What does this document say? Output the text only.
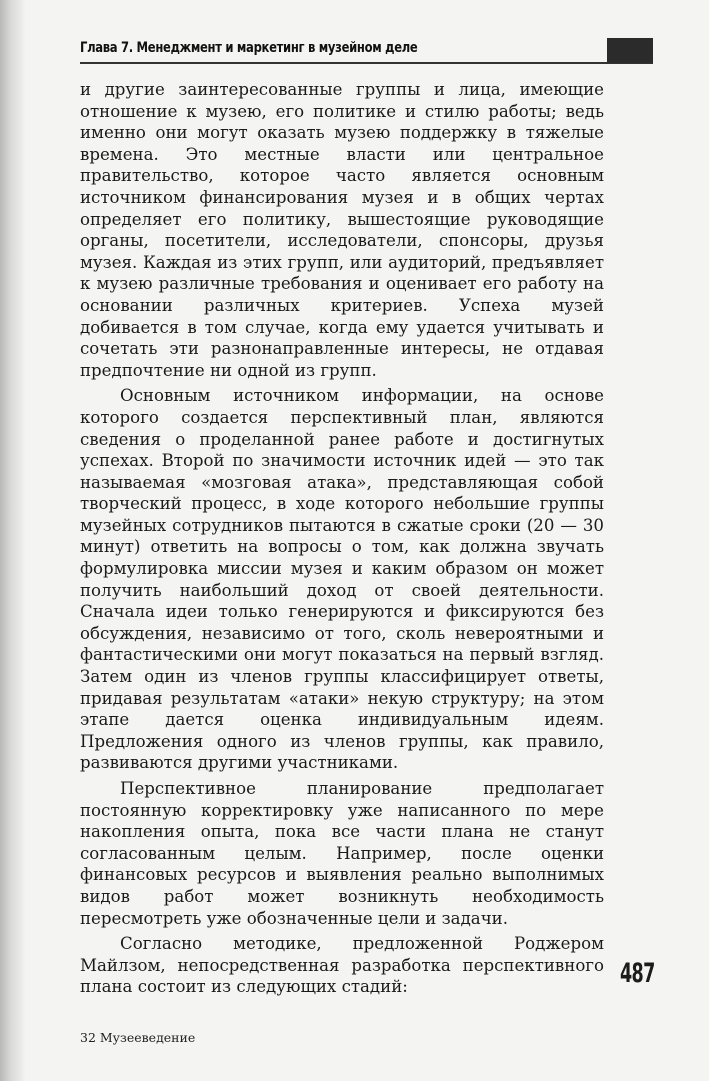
Глава 7. Менеджмент и маркетинг в музейном деле

и другие заинтересованные группы и лица, имеющие отношение к музею, его политике и стилю работы; ведь именно они могут оказать музею поддержку в тяжелые времена. Это местные власти или центральное правительство, которое часто является основным источником финансирования музея и в общих чертах определяет его политику, вышестоящие руководящие органы, посетители, исследователи, спонсоры, друзья музея. Каждая из этих групп, или аудиторий, предъявляет к музею различные требования и оценивает его работу на основании различных критериев. Успеха музей добивается в том случае, когда ему удается учитывать и сочетать эти разнонаправленные интересы, не отдавая предпочтение ни одной из групп.

Основным источником информации, на основе которого создается перспективный план, являются сведения о проделанной ранее работе и достигнутых успехах. Второй по значимости источник идей — это так называемая «мозговая атака», представляющая собой творческий процесс, в ходе которого небольшие группы музейных сотрудников пытаются в сжатые сроки (20 — 30 минут) ответить на вопросы о том, как должна звучать формулировка миссии музея и каким образом он может получить наибольший доход от своей деятельности. Сначала идеи только генерируются и фиксируются без обсуждения, независимо от того, сколь невероятными и фантастическими они могут показаться на первый взгляд. Затем один из членов группы классифицирует ответы, придавая результатам «атаки» некую структуру; на этом этапе дается оценка индивидуальным идеям. Предложения одного из членов группы, как правило, развиваются другими участниками.

Перспективное планирование предполагает постоянную корректировку уже написанного по мере накопления опыта, пока все части плана не станут согласованным целым. Например, после оценки финансовых ресурсов и выявления реально выполнимых видов работ может возникнуть необходимость пересмотреть уже обозначенные цели и задачи.

Согласно методике, предложенной Роджером Майлзом, непосредственная разработка перспективного плана состоит из следующих стадий:	487
32 Музееведение
